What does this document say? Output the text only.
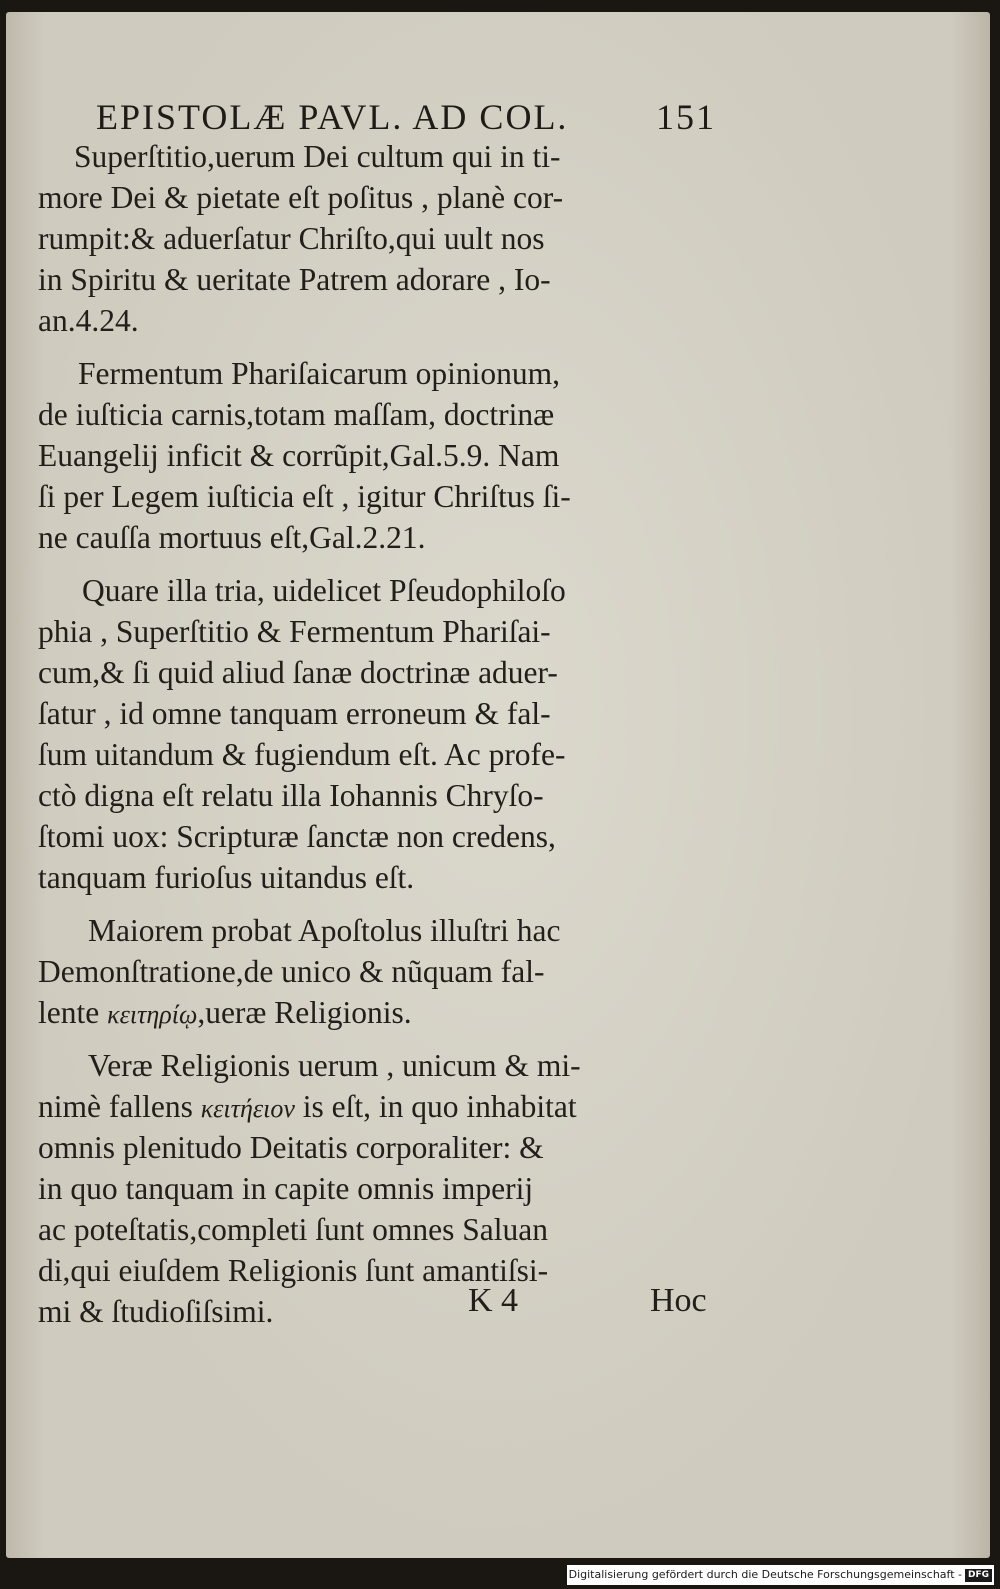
EPISTOLÆ PAVL. AD COL. 151
Superſtitio,uerum Dei cultum qui in ti-
more Dei & pietate eſt poſitus , planè cor-
rumpit:& aduerſatur Chriſto,qui uult nos
in Spiritu & ueritate Patrem adorare , Io-
an.4.24.
Fermentum Phariſaicarum opinionum,
de iuſticia carnis,totam maſſam, doctrinæ
Euangelij inficit & corrũpit,Gal.5.9. Nam
ſi per Legem iuſticia eſt , igitur Chriſtus ſi-
ne cauſſa mortuus eſt,Gal.2.21.
Quare illa tria, uidelicet Pſeudophiloſo
phia , Superſtitio & Fermentum Phariſai-
cum,& ſi quid aliud ſanæ doctrinæ aduer-
ſatur , id omne tanquam erroneum & fal-
ſum uitandum & fugiendum eſt. Ac profe-
ctò digna eſt relatu illa Iohannis Chryſo-
ſtomi uox: Scripturæ ſanctæ non credens,
tanquam furioſus uitandus eſt.
Maiorem probat Apoſtolus illuſtri hac
Demonſtratione,de unico & nũquam fal-
lente κειτηρίῳ,ueræ Religionis.
Veræ Religionis uerum , unicum & mi-
nimè fallens κειτήειον is eſt, in quo inhabitat
omnis plenitudo Deitatis corporaliter: &
in quo tanquam in capite omnis imperij
ac poteſtatis,completi ſunt omnes Saluan
di,qui eiuſdem Religionis ſunt amantiſsi-
mi & ſtudioſiſsimi.	K 4	Hoc
Digitalisierung gefördert durch die Deutsche Forschungsgemeinschaft - DFG
